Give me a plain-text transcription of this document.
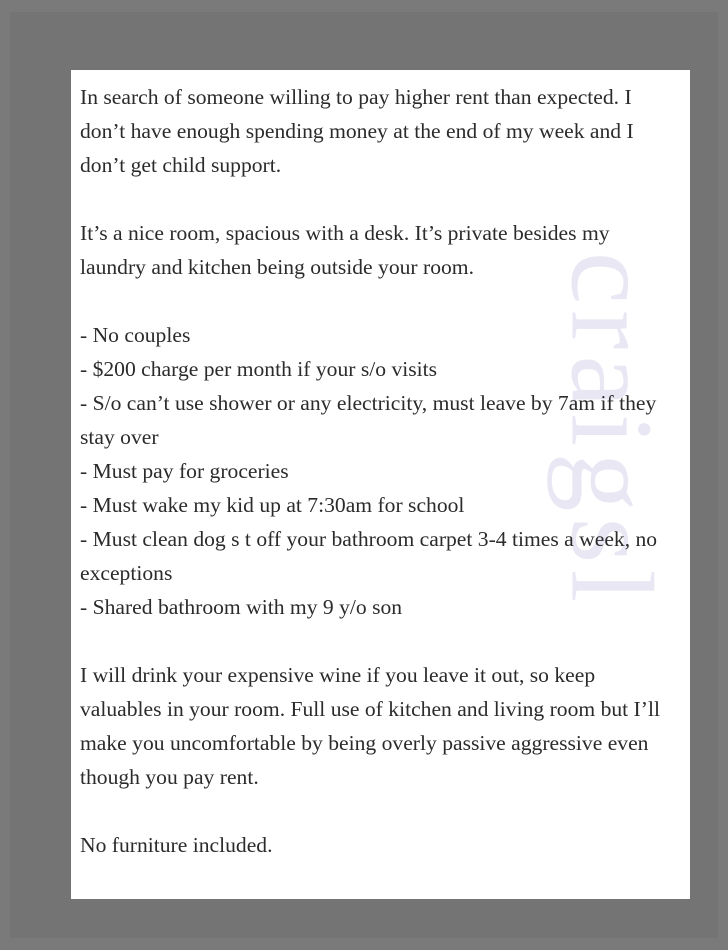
craigsl

In search of someone willing to pay higher rent than expected. I don’t have enough spending money at the end of my week and I don’t get child support.

It’s a nice room, spacious with a desk. It’s private besides my laundry and kitchen being outside your room.

- No couples
- $200 charge per month if your s/o visits
- S/o can’t use shower or any electricity, must leave by 7am if they stay over
- Must pay for groceries
- Must wake my kid up at 7:30am for school
- Must clean dog s t off your bathroom carpet 3-4 times a week, no exceptions
- Shared bathroom with my 9 y/o son

I will drink your expensive wine if you leave it out, so keep valuables in your room. Full use of kitchen and living room but I’ll make you uncomfortable by being overly passive aggressive even though you pay rent.

No furniture included.
